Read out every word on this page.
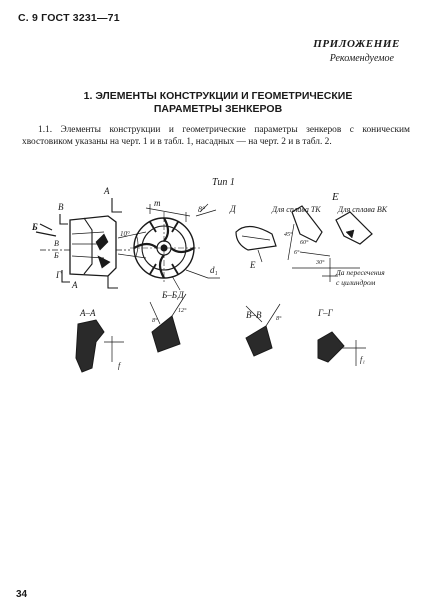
С. 9 ГОСТ 3231—71
ПРИЛОЖЕНИЕ
Рекомендуемое
1. ЭЛЕМЕНТЫ КОНСТРУКЦИИ И ГЕОМЕТРИЧЕСКИЕ
ПАРАМЕТРЫ ЗЕНКЕРОВ
1.1. Элементы конструкции и геометрические параметры зенкеров с коническим хвостовиком указаны на черт. 1 и в табл. 1, насадных — на черт. 2 и в табл. 2.
Тип 1
В
А
Б
В
Б
Г
А
m
8°
10°
d₁
Д
Д
Е
Е
Для сплава ТК Для сплава ВК
45°
6°
60°
30°
Да пересечения
с цилиндром
А–А
Б–Б
В–В	Г–Г
f
f₁
8°
12°
8°
34
